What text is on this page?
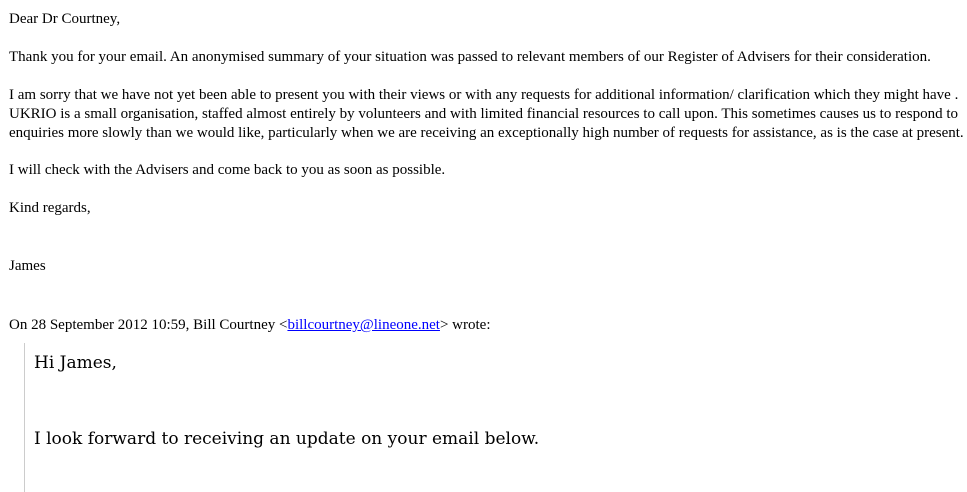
Dear Dr Courtney,
Thank you for your email. An anonymised summary of your situation was passed to relevant members of our Register of Advisers for their consideration.
I am sorry that we have not yet been able to present you with their views or with any requests for additional information/ clarification which they might have .
UKRIO is a small organisation, staffed almost entirely by volunteers and with limited financial resources to call upon. This sometimes causes us to respond to
enquiries more slowly than we would like, particularly when we are receiving an exceptionally high number of requests for assistance, as is the case at present.
I will check with the Advisers and come back to you as soon as possible.
Kind regards,
James
On 28 September 2012 10:59, Bill Courtney <billcourtney@lineone.net> wrote:
Hi James,
I look forward to receiving an update on your email below.
